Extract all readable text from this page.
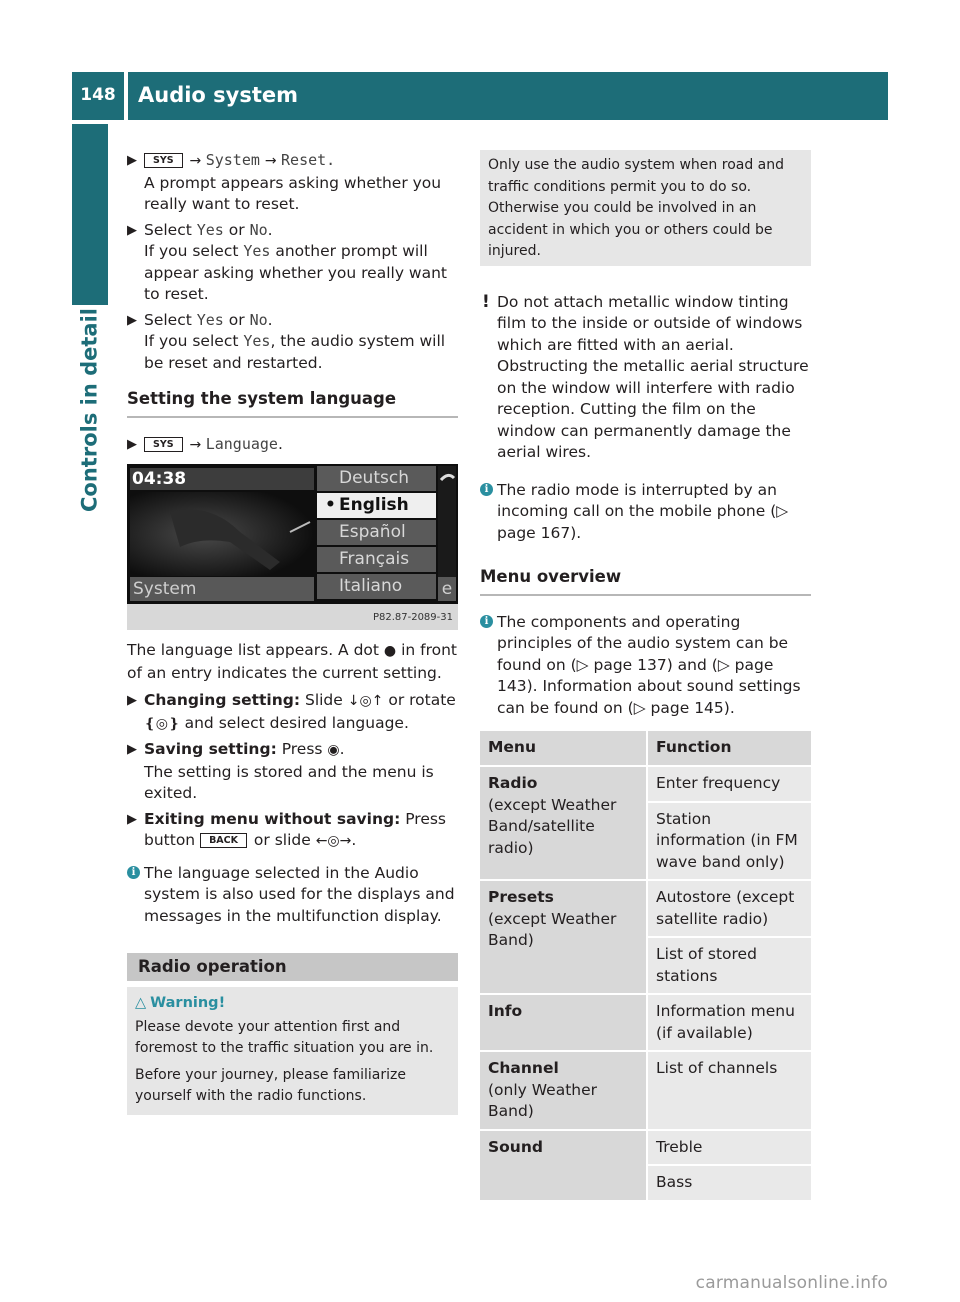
148	Audio system
Controls in detail
▶ SYS → System → Reset.
A prompt appears asking whether you really want to reset.
▶ Select Yes or No.
If you select Yes another prompt will appear asking whether you really want to reset.
▶ Select Yes or No.
If you select Yes, the audio system will be reset and restarted.
Setting the system language
▶ SYS → Language.
04:38
System
Deutsch
• English
Español
Français
Italiano	e
P82.87-2089-31
The language list appears. A dot ● in front of an entry indicates the current setting.
▶ Changing setting: Slide ↓◎↑ or rotate ❴◎❵ and select desired language.
▶ Saving setting: Press ◉.
The setting is stored and the menu is exited.
▶ Exiting menu without saving: Press button BACK or slide ←◎→.
i The language selected in the Audio system is also used for the displays and messages in the multifunction display.
Radio operation
△ Warning!

Please devote your attention first and foremost to the traffic situation you are in.

Before your journey, please familiarize yourself with the radio functions.

Only use the audio system when road and traffic conditions permit you to do so. Otherwise you could be involved in an accident in which you or others could be injured.
! Do not attach metallic window tinting film to the inside or outside of windows which are fitted with an aerial. Obstructing the metallic aerial structure on the window will interfere with radio reception. Cutting the film on the window can permanently damage the aerial wires.
i The radio mode is interrupted by an incoming call on the mobile phone (▷ page 167).
Menu overview
i The components and operating principles of the audio system can be found on (▷ page 137) and (▷ page 143). Information about sound settings can be found on (▷ page 145).
Menu	Function
Radio
(except Weather Band/satellite radio)	Enter frequency
	Station information (in FM wave band only)
Presets
(except Weather Band)	Autostore (except satellite radio)
	List of stored stations
Info	Information menu (if available)
Channel
(only Weather Band)	List of channels
Sound	Treble
	Bass
carmanualsonline.info
